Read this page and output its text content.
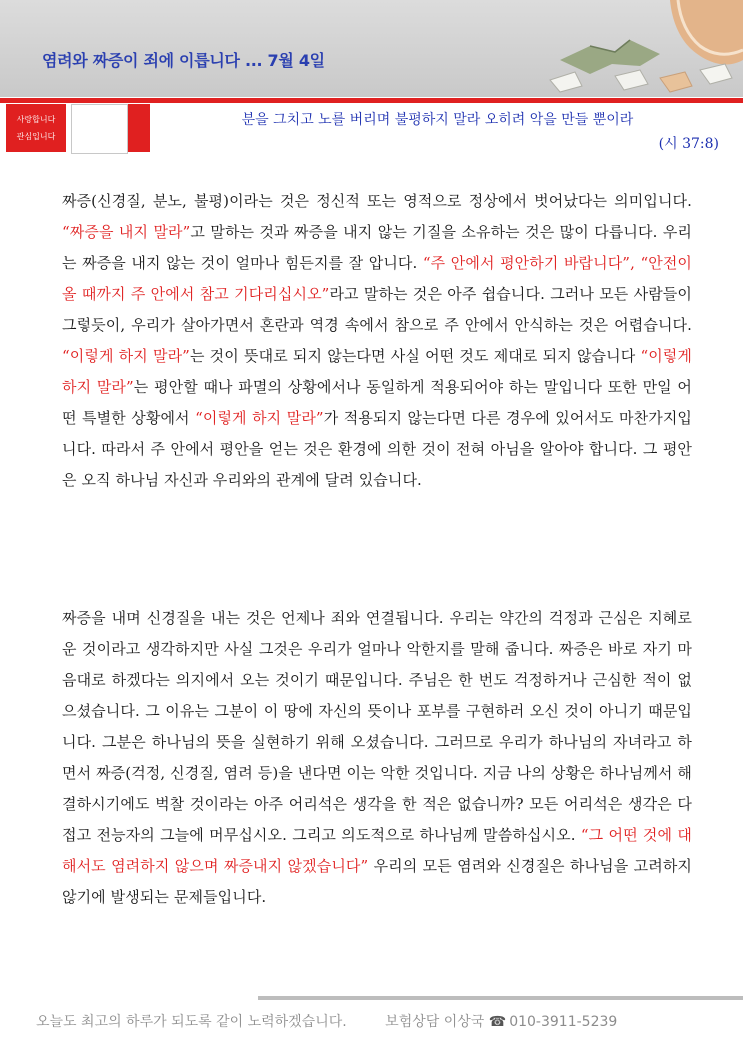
염려와 짜증이 죄에 이릅니다 ... 7월 4일
사랑합니다
관심입니다
분을 그치고 노를 버리며 불평하지 말라 오히려 악을 만들 뿐이라
(시 37:8)
짜증(신경질, 분노, 불평)이라는 것은 정신적 또는 영적으로 정상에서 벗어났다는 의미입니다. “짜증을 내지 말라”고 말하는 것과 짜증을 내지 않는 기질을 소유하는 것은 많이 다릅니다. 우리는 짜증을 내지 않는 것이 얼마나 힘든지를 잘 압니다. “주 안에서 평안하기 바랍니다”, “안전이 올 때까지 주 안에서 참고 기다리십시오”라고 말하는 것은 아주 쉽습니다. 그러나 모든 사람들이 그렇듯이, 우리가 살아가면서 혼란과 역경 속에서 참으로 주 안에서 안식하는 것은 어렵습니다. “이렇게 하지 말라”는 것이 뜻대로 되지 않는다면 사실 어떤 것도 제대로 되지 않습니다 “이렇게 하지 말라”는 평안할 때나 파멸의 상황에서나 동일하게 적용되어야 하는 말입니다 또한 만일 어떤 특별한 상황에서 “이렇게 하지 말라”가 적용되지 않는다면 다른 경우에 있어서도 마찬가지입니다. 따라서 주 안에서 평안을 얻는 것은 환경에 의한 것이 전혀 아님을 알아야 합니다. 그 평안은 오직 하나님 자신과 우리와의 관계에 달려 있습니다.
짜증을 내며 신경질을 내는 것은 언제나 죄와 연결됩니다. 우리는 약간의 걱정과 근심은 지혜로운 것이라고 생각하지만 사실 그것은 우리가 얼마나 악한지를 말해 줍니다. 짜증은 바로 자기 마음대로 하겠다는 의지에서 오는 것이기 때문입니다. 주님은 한 번도 걱정하거나 근심한 적이 없으셨습니다. 그 이유는 그분이 이 땅에 자신의 뜻이나 포부를 구현하러 오신 것이 아니기 때문입니다. 그분은 하나님의 뜻을 실현하기 위해 오셨습니다. 그러므로 우리가 하나님의 자녀라고 하면서 짜증(걱정, 신경질, 염려 등)을 낸다면 이는 악한 것입니다. 지금 나의 상황은 하나님께서 해결하시기에도 벅찰 것이라는 아주 어리석은 생각을 한 적은 없습니까? 모든 어리석은 생각은 다 접고 전능자의 그늘에 머무십시오. 그리고 의도적으로 하나님께 말씀하십시오. “그 어떤 것에 대해서도 염려하지 않으며 짜증내지 않겠습니다” 우리의 모든 염려와 신경질은 하나님을 고려하지 않기에 발생되는 문제들입니다.
오늘도 최고의 하루가 되도록 같이 노력하겠습니다.	보험상담 이상국 ☎ 010-3911-5239
